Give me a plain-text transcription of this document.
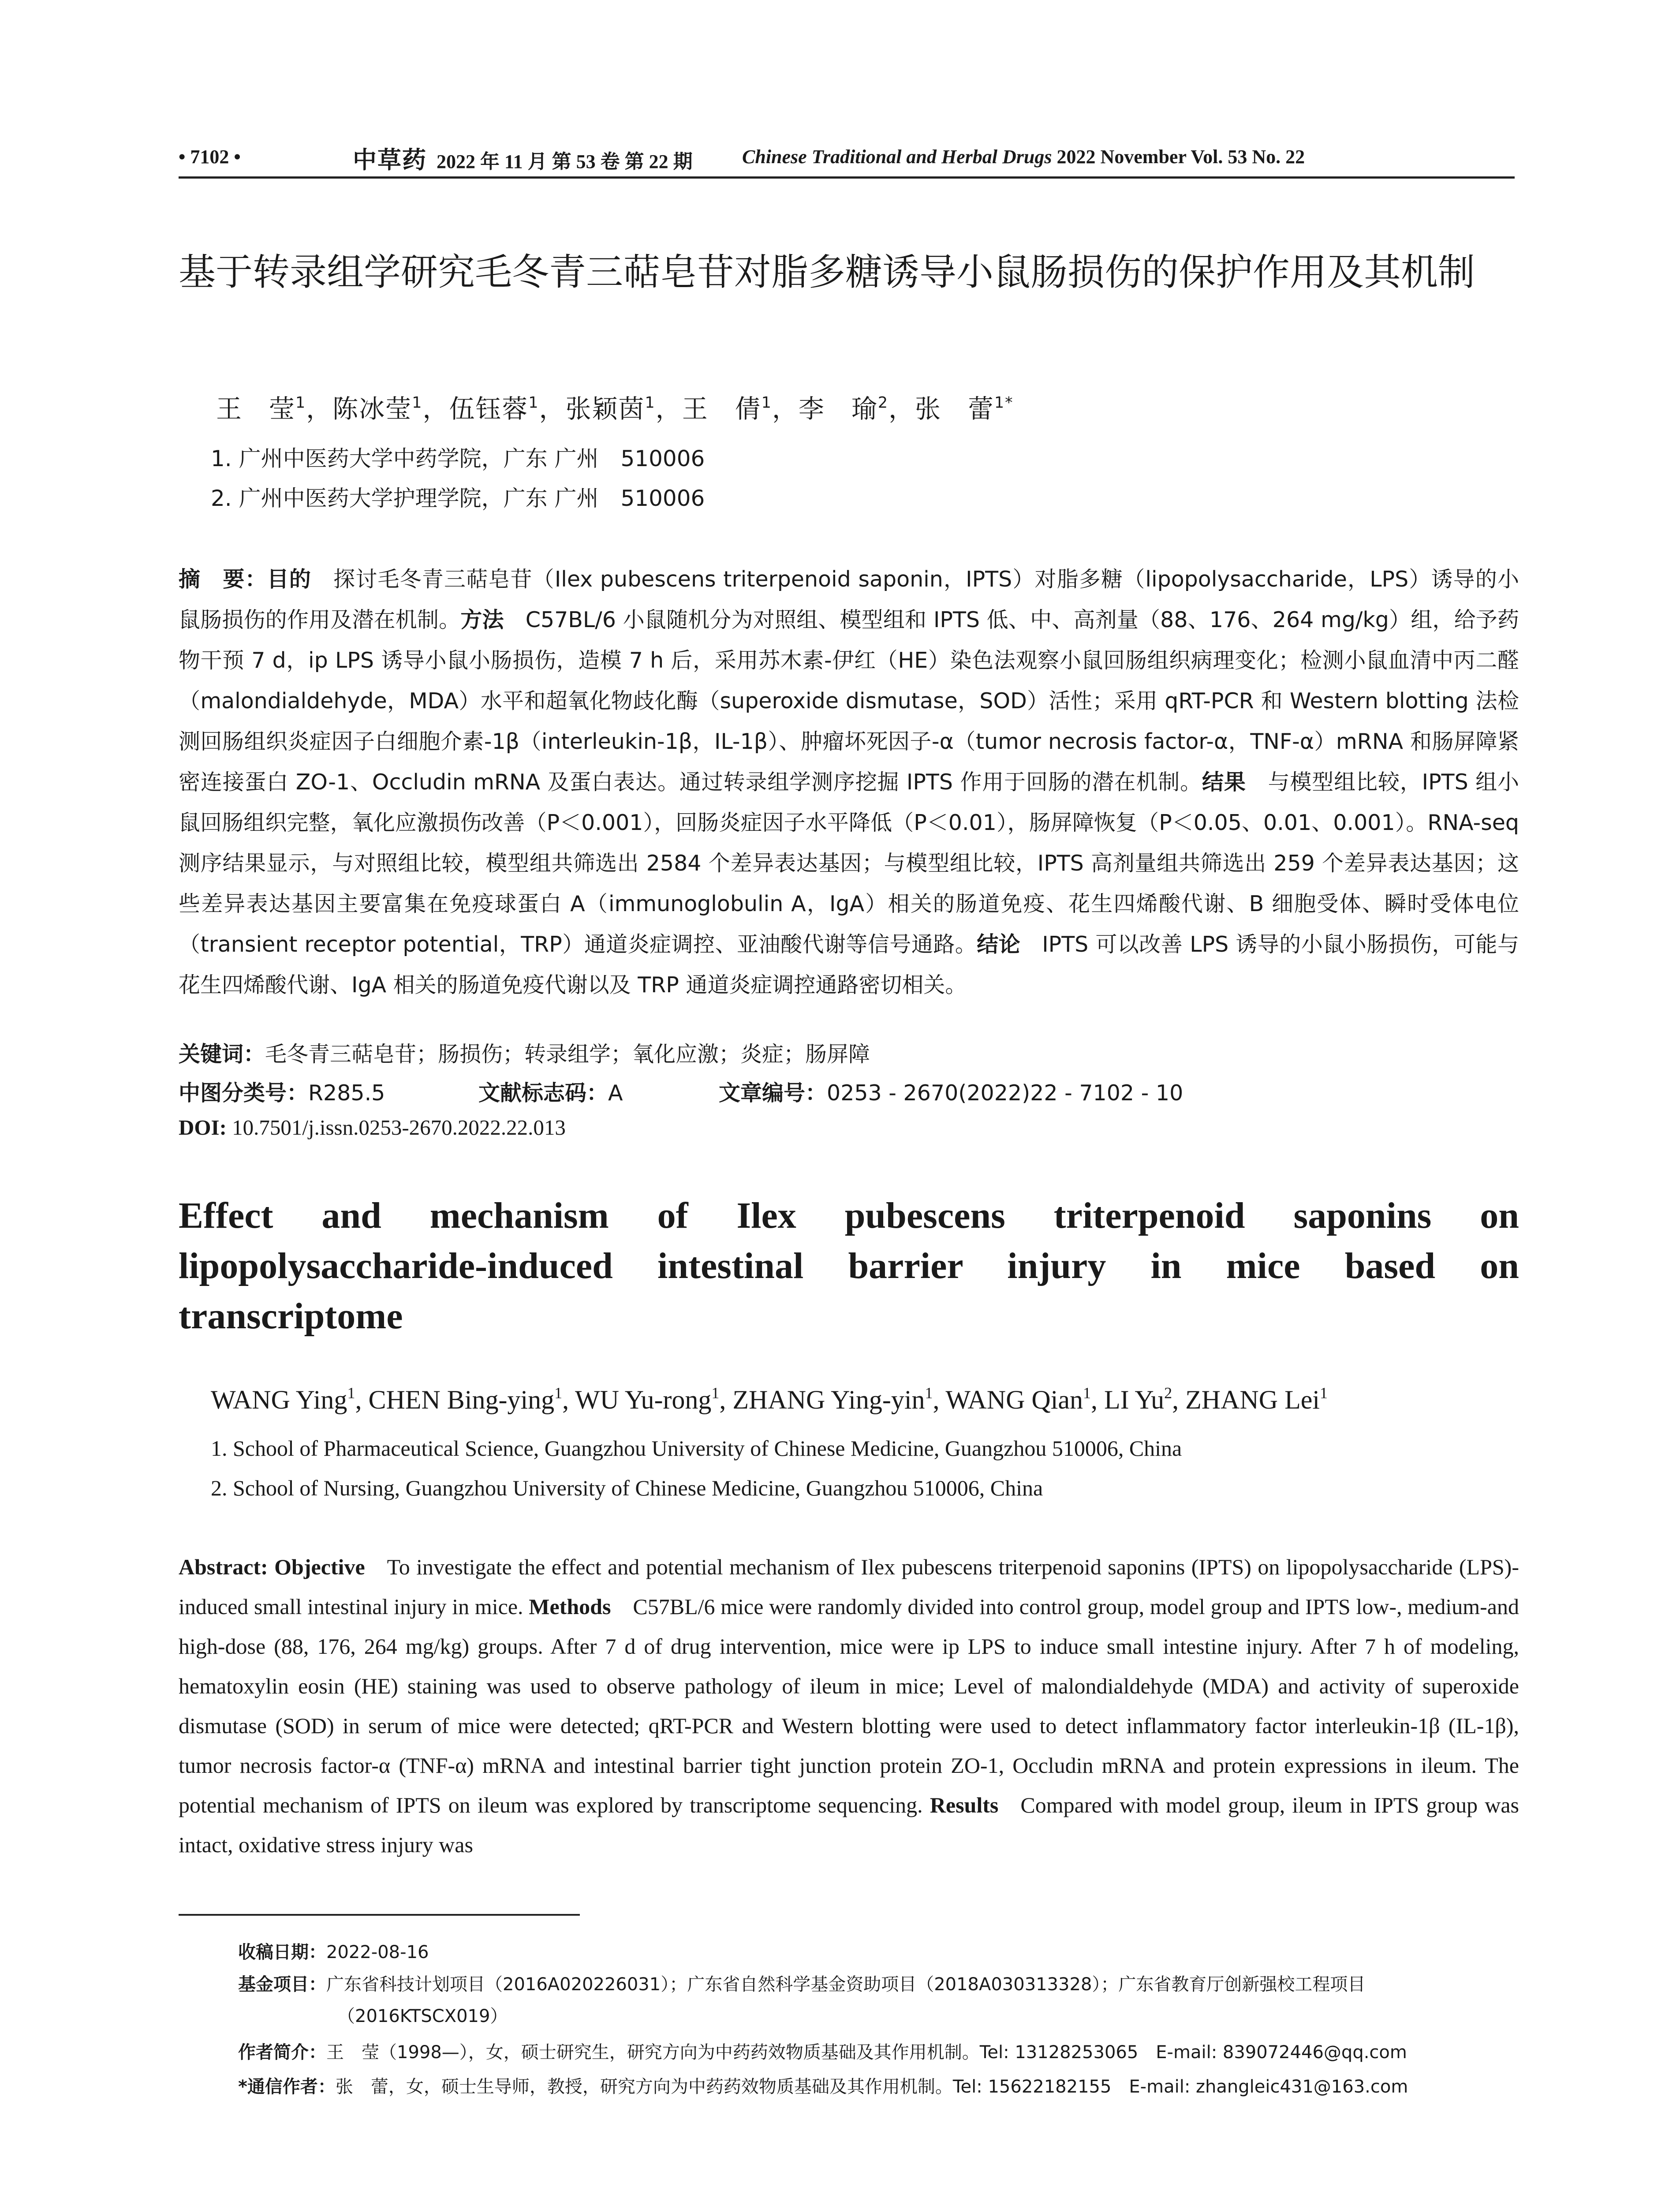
• 7102 •	中草药 2022 年 11 月 第 53 卷 第 22 期	Chinese Traditional and Herbal Drugs 2022 November Vol. 53 No. 22
基于转录组学研究毛冬青三萜皂苷对脂多糖诱导小鼠肠损伤的保护作用及其机制
王　莹$^1$，陈冰莹$^1$，伍钰蓉$^1$，张颖茵$^1$，王　倩$^1$，李　瑜$^2$，张　蕾$^{1*}$
1. 广州中医药大学中药学院，广东 广州　510006
2. 广州中医药大学护理学院，广东 广州　510006
摘　要：目的  探讨毛冬青三萜皂苷（Ilex pubescens triterpenoid saponin，IPTS）对脂多糖（lipopolysaccharide，LPS）诱导的小鼠肠损伤的作用及潜在机制。方法  C57BL/6 小鼠随机分为对照组、模型组和 IPTS 低、中、高剂量（88、176、264 mg/kg）组，给予药物干预 7 d，ip LPS 诱导小鼠小肠损伤，造模 7 h 后，采用苏木素-伊红（HE）染色法观察小鼠回肠组织病理变化；检测小鼠血清中丙二醛（malondialdehyde，MDA）水平和超氧化物歧化酶（superoxide dismutase，SOD）活性；采用 qRT-PCR 和 Western blotting 法检测回肠组织炎症因子白细胞介素-1β（interleukin-1β，IL-1β）、肿瘤坏死因子-α（tumor necrosis factor-α，TNF-α）mRNA 和肠屏障紧密连接蛋白 ZO-1、Occludin mRNA 及蛋白表达。通过转录组学测序挖掘 IPTS 作用于回肠的潜在机制。结果  与模型组比较，IPTS 组小鼠回肠组织完整，氧化应激损伤改善（P＜0.001），回肠炎症因子水平降低（P＜0.01），肠屏障恢复（P＜0.05、0.01、0.001）。RNA-seq 测序结果显示，与对照组比较，模型组共筛选出 2584 个差异表达基因；与模型组比较，IPTS 高剂量组共筛选出 259 个差异表达基因；这些差异表达基因主要富集在免疫球蛋白 A（immunoglobulin A，IgA）相关的肠道免疫、花生四烯酸代谢、B 细胞受体、瞬时受体电位（transient receptor potential，TRP）通道炎症调控、亚油酸代谢等信号通路。结论  IPTS 可以改善 LPS 诱导的小鼠小肠损伤，可能与花生四烯酸代谢、IgA 相关的肠道免疫代谢以及 TRP 通道炎症调控通路密切相关。
关键词：毛冬青三萜皂苷；肠损伤；转录组学；氧化应激；炎症；肠屏障
中图分类号：R285.5	文献标志码：A	文章编号：0253 - 2670(2022)22 - 7102 - 10
DOI: 10.7501/j.issn.0253-2670.2022.22.013
Effect and mechanism of Ilex pubescens triterpenoid saponins on
lipopolysaccharide-induced intestinal barrier injury in mice based on
transcriptome
WANG Ying$^1$, CHEN Bing-ying$^1$, WU Yu-rong$^1$, ZHANG Ying-yin$^1$, WANG Qian$^1$, LI Yu$^2$, ZHANG Lei$^1$
1. School of Pharmaceutical Science, Guangzhou University of Chinese Medicine, Guangzhou 510006, China
2. School of Nursing, Guangzhou University of Chinese Medicine, Guangzhou 510006, China
Abstract: Objective  To investigate the effect and potential mechanism of Ilex pubescens triterpenoid saponins (IPTS) on lipopolysaccharide (LPS)-induced small intestinal injury in mice. Methods  C57BL/6 mice were randomly divided into control group, model group and IPTS low-, medium-and high-dose (88, 176, 264 mg/kg) groups. After 7 d of drug intervention, mice were ip LPS to induce small intestine injury. After 7 h of modeling, hematoxylin eosin (HE) staining was used to observe pathology of ileum in mice; Level of malondialdehyde (MDA) and activity of superoxide dismutase (SOD) in serum of mice were detected; qRT-PCR and Western blotting were used to detect inflammatory factor interleukin-1β (IL-1β), tumor necrosis factor-α (TNF-α) mRNA and intestinal barrier tight junction protein ZO-1, Occludin mRNA and protein expressions in ileum. The potential mechanism of IPTS on ileum was explored by transcriptome sequencing. Results  Compared with model group, ileum in IPTS group was intact, oxidative stress injury was
收稿日期：2022-08-16
基金项目：广东省科技计划项目（2016A020226031）；广东省自然科学基金资助项目（2018A030313328）；广东省教育厅创新强校工程项目
（2016KTSCX019）
作者简介：王　莹（1998—），女，硕士研究生，研究方向为中药药效物质基础及其作用机制。Tel: 13128253065　E-mail: 839072446@qq.com
*通信作者：张　蕾，女，硕士生导师，教授，研究方向为中药药效物质基础及其作用机制。Tel: 15622182155　E-mail: zhangleic431@163.com
